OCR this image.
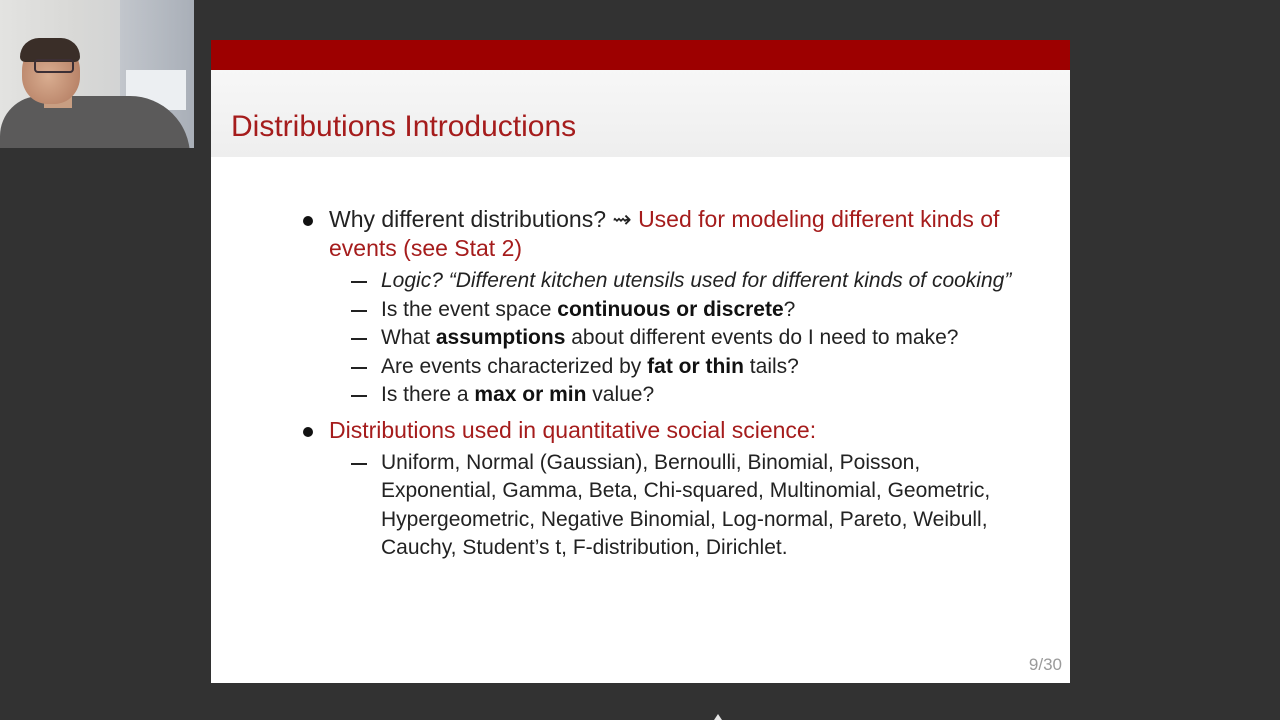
Distributions Introductions
Why different distributions? ⇝ Used for modeling different kinds of events (see Stat 2)
Logic? “Different kitchen utensils used for different kinds of cooking”
Is the event space continuous or discrete?
What assumptions about different events do I need to make?
Are events characterized by fat or thin tails?
Is there a max or min value?
Distributions used in quantitative social science:
Uniform, Normal (Gaussian), Bernoulli, Binomial, Poisson, Exponential, Gamma, Beta, Chi-squared, Multinomial, Geometric, Hypergeometric, Negative Binomial, Log-normal, Pareto, Weibull, Cauchy, Student’s t, F-distribution, Dirichlet.
9/30
